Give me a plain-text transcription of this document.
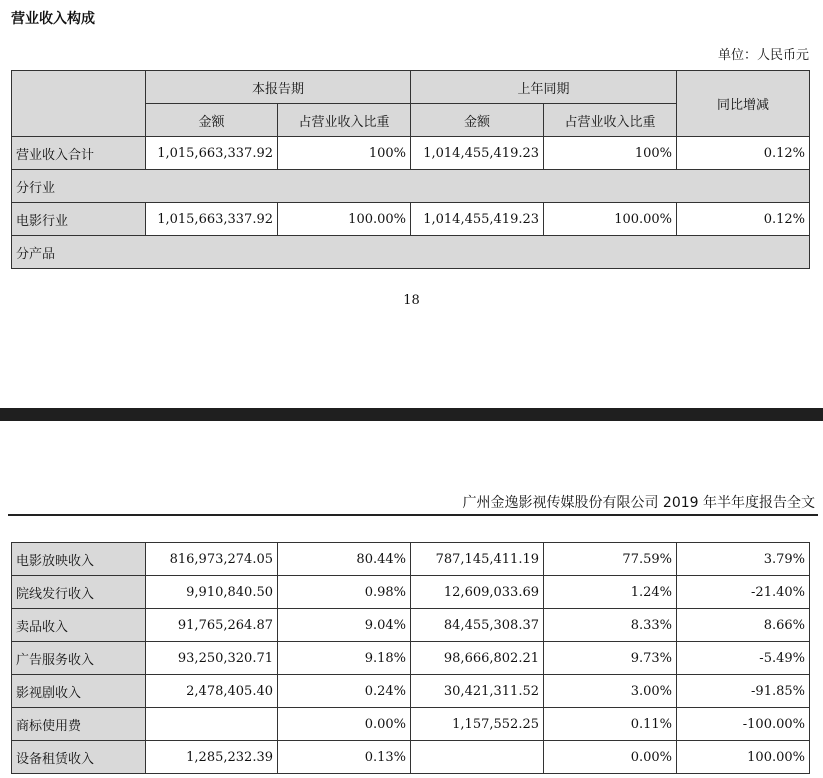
营业收入构成
单位：人民币元
	本报告期		上年同期		同比增减
	金额	占营业收入比重	金额	占营业收入比重	
营业收入合计	1,015,663,337.92	100%	1,014,455,419.23	100%	0.12%
分行业					
电影行业	1,015,663,337.92	100.00%	1,014,455,419.23	100.00%	0.12%
分产品					
18
广州金逸影视传媒股份有限公司 2019 年半年度报告全文
电影放映收入	816,973,274.05	80.44%	787,145,411.19	77.59%	3.79%
院线发行收入	9,910,840.50	0.98%	12,609,033.69	1.24%	-21.40%
卖品收入	91,765,264.87	9.04%	84,455,308.37	8.33%	8.66%
广告服务收入	93,250,320.71	9.18%	98,666,802.21	9.73%	-5.49%
影视剧收入	2,478,405.40	0.24%	30,421,311.52	3.00%	-91.85%
商标使用费		0.00%	1,157,552.25	0.11%	-100.00%
设备租赁收入	1,285,232.39	0.13%		0.00%	100.00%
